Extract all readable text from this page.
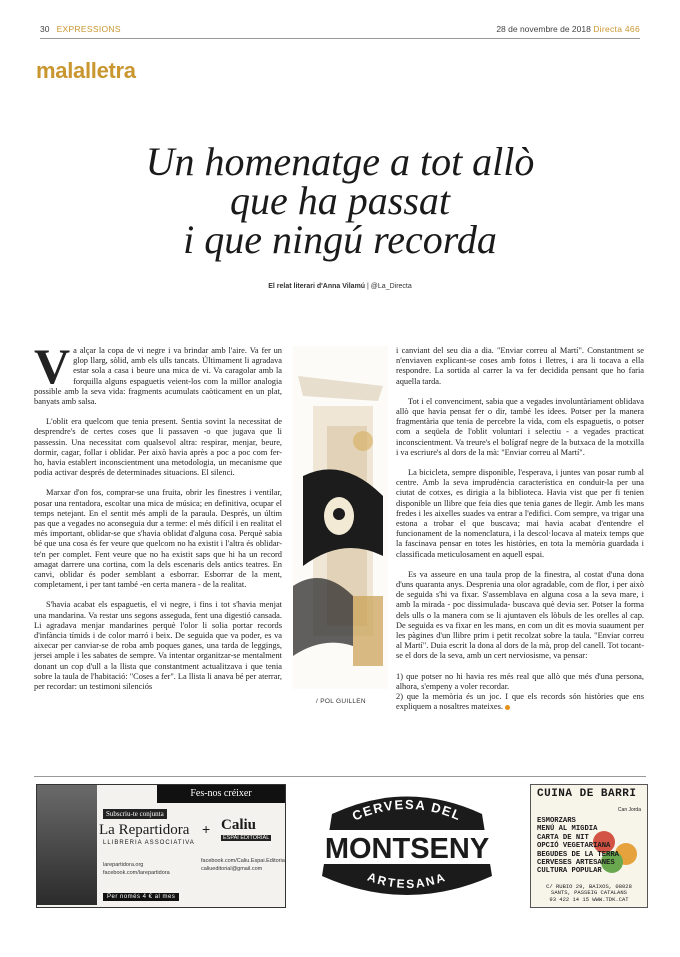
30 EXPRESSIONS	28 de novembre de 2018 Directa 466
malalletra
Un homenatge a tot allò
que ha passat
i que ningú recorda
El relat literari d'Anna Vilamú | @La_Directa

Va alçar la copa de vi negre i va brindar amb l'aire. Va fer un glop llarg, sòlid, amb els ulls tancats. Últimament li agradava estar sola a casa i beure una mica de vi. Va caragolar amb la forquilla alguns espaguetis veient-los com la millor analogia possible amb la seva vida: fragments acumulats caòticament en un plat, banyats amb salsa.

L'oblit era quelcom que tenia present. Sentia sovint la necessitat de desprendre's de certes coses que li passaven -o que jugava que li passessin. Una necessitat com qualsevol altra: respirar, menjar, beure, dormir, cagar, follar i oblidar. Per això havia après a poc a poc com fer-ho, havia establert inconscientment una metodologia, un mecanisme que podia activar després de determinades situacions. El silenci.

Marxar d'on fos, comprar-se una fruita, obrir les finestres i ventilar, posar una rentadora, escoltar una mica de música; en definitiva, ocupar el temps netejant. En el sentit més ampli de la paraula. Després, un últim pas que a vegades no aconseguia dur a terme: el més difícil i en realitat el més important, oblidar-se que s'havia oblidat d'alguna cosa. Perquè sabia bé que una cosa és fer veure que quelcom no ha existit i l'altra és oblidar-te'n per complet. Fent veure que no ha existit saps que hi ha un record amagat darrere una cortina, com la dels escenaris dels antics teatres. En canvi, oblidar és poder semblant a esborrar. Esborrar de la ment, completament, i per tant també -en certa manera - de la realitat.

S'havia acabat els espaguetis, el vi negre, i fins i tot s'havia menjat una mandarina. Va restar uns segons asseguda, fent una digestió cansada. Li agradava menjar mandarines perquè l'olor li solia portar records d'infància tímids i de color marró i beix. De seguida que va poder, es va aixecar per canviar-se de roba amb poques ganes, una tarda de leggings, jersei ample i les sabates de sempre. Va intentar organitzar-se mentalment donant un cop d'ull a la llista que constantment actualitzava i que tenia sobre la taula de l'habitació: "Coses a fer". La llista li anava bé per aterrar, per recordar: un testimoni silenciós

/ POL GUILLEN

i canviant del seu dia a dia. "Enviar correu al Martí". Constantment se n'enviaven explicant-se coses amb fotos i lletres, i ara li tocava a ella respondre. La sortida al carrer la va fer decidida pensant que ho faria aquella tarda.

Tot i el convenciment, sabia que a vegades involuntàriament oblidava allò que havia pensat fer o dir, també les idees. Potser per la manera fragmentària que tenia de percebre la vida, com els espaguetis, o potser com a seqüela de l'oblit voluntari i selectiu - a vegades practicat inconscientment. Va treure's el bolígraf negre de la butxaca de la motxilla i va escriure's al dors de la mà: "Enviar correu al Martí".

La bicicleta, sempre disponible, l'esperava, i juntes van posar rumb al centre. Amb la seva imprudència característica en conduir-la per una ciutat de cotxes, es dirigia a la biblioteca. Havia vist que per fi tenien disponible un llibre que feia dies que tenia ganes de llegir. Amb les mans fredes i les aixelles suades va entrar a l'edifici. Com sempre, va trigar una estona a trobar el que buscava; mai havia acabat d'entendre el funcionament de la nomenclatura, i la descol·locava al mateix temps que la fascinava pensar en totes les històries, en tota la memòria guardada i classificada meticulosament en aquell espai.

Es va asseure en una taula prop de la finestra, al costat d'una dona d'uns quaranta anys. Desprenia una olor agradable, com de flor, i per això de seguida s'hi va fixar. S'assemblava en alguna cosa a la seva mare, i amb la mirada - poc dissimulada- buscava què devia ser. Potser la forma dels ulls o la manera com se li ajuntaven els lòbuls de les orelles al cap. De seguida es va fixar en les mans, en com un dit es movia suaument per les pàgines d'un llibre prim i petit recolzat sobre la taula. "Enviar correu al Martí". Duia escrit la dona al dors de la mà, prop del canell. Tot tocant-se el dors de la seva, amb un cert nerviosisme, va pensar:

1) que potser no hi havia res més real que allò que més d'una persona, alhora, s'empeny a voler recordar.

2) que la memòria és un joc. I que els records són històries que ens expliquem a nosaltres mateixes.

Fes-nos créixer
Subscriu-te conjunta
La Repartidora
LLIBRERIA ASSOCIATIVA
+ Caliu
ESPAI EDITORIAL
larepartidora.org
facebook.com/larepartidora
facebook.com/Caliu.Espai.Editorial
caliueditorial@gmail.com
Per només 4 € al mes
CERVESA DEL
MONTSENY
ARTESANA
CUINA DE BARRI
Can Jorda
ESMORZARS
MENÚ AL MIGDIA
CARTA DE NIT
OPCIÓ VEGETARIANA
BEGUDES DE LA TERRA
CERVESES ARTESANES
CULTURA POPULAR
C/ RUBIO 29, BAIXOS, 08028
SANTS, PASSEIG CATALANS
93 422 14 15 WWW.TDK.CAT
